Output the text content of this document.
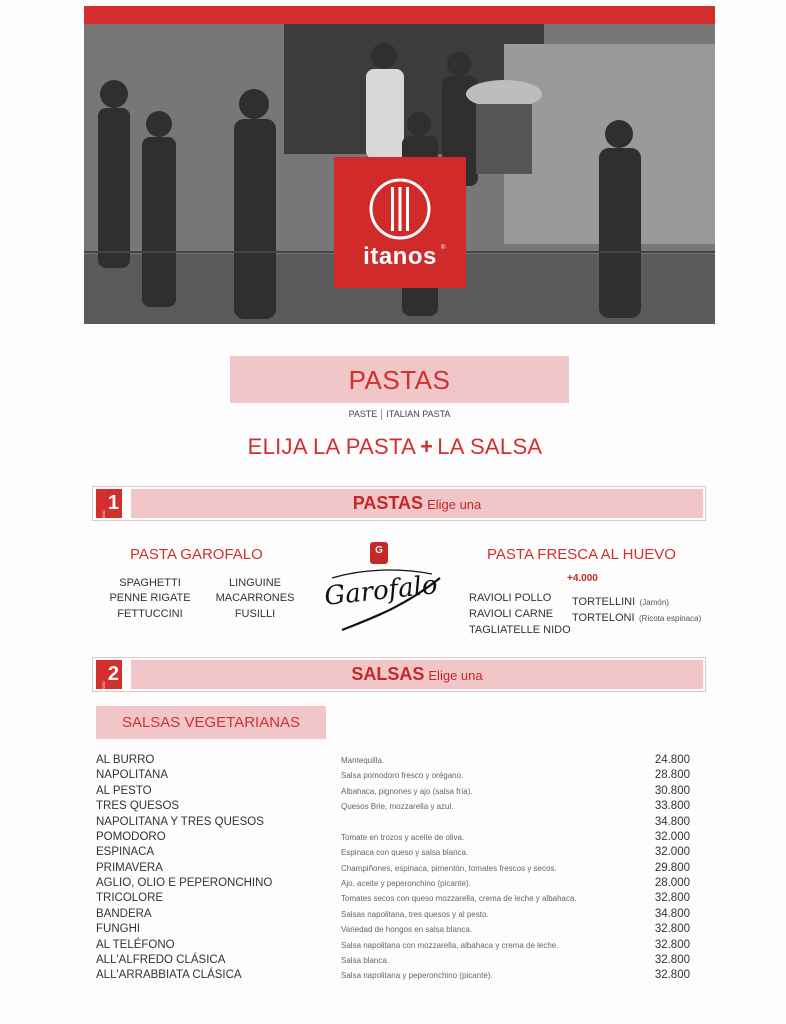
itanos ®
PASTAS
PASTE ITALIAN PASTA
ELIJA LA PASTA + LA SALSA
PASO
1	PASTAS Elige una
PASTA GAROFALO
SPAGHETTI
PENNE RIGATE
FETTUCCINI
LINGUINE
MACARRONES
FUSILLI
G
Garofalo
PASTA FRESCA AL HUEVO
+4.000
RAVIOLI POLLO
RAVIOLI CARNE
TAGLIATELLE NIDO
TORTELLINI (Jamón)
TORTELONI (Ricota espinaca)
PASO
2	SALSAS Elige una
SALSAS VEGETARIANAS
AL BURRO	Mantequilla.	24.800
NAPOLITANA	Salsa pomodoro fresco y orégano.	28.800
AL PESTO	Albahaca, pignones y ajo (salsa fría).	30.800
TRES QUESOS	Quesos Brie, mozzarella y azul.	33.800
NAPOLITANA Y TRES QUESOS	34.800
POMODORO	Tomate en trozos y aceite de oliva.	32.000
ESPINACA	Espinaca con queso y salsa blanca.	32.000
PRIMAVERA	Champiñones, espinaca, pimentón, tomates frescos y secos.	29.800
AGLIO, OLIO E PEPERONCHINO	Ajo, aceite y peperonchino (picante).	28.000
TRICOLORE	Tomates secos con queso mozzarella, crema de leche y albahaca.	32.800
BANDERA	Salsas napolitana, tres quesos y al pesto.	34.800
FUNGHI	Variedad de hongos en salsa blanca.	32.800
AL TELÉFONO	Salsa napolitana con mozzarella, albahaca y crema de leche.	32.800
ALL'ALFREDO CLÁSICA	Salsa blanca.	32.800
ALL'ARRABBIATA CLÁSICA	Salsa napolitana y peperonchino (picante).	32.800
